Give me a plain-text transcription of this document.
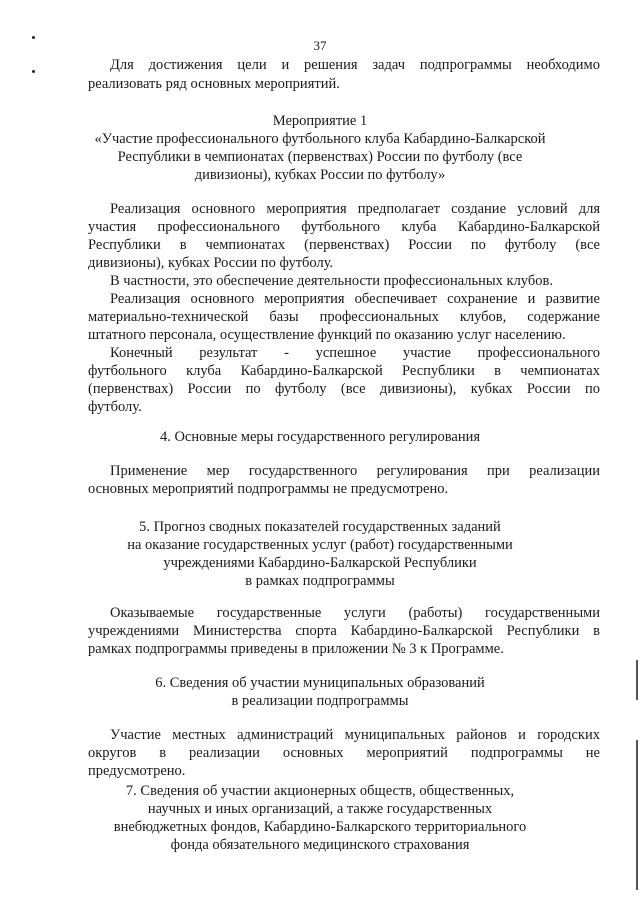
37
Для достижения цели и решения задач подпрограммы необходимо
реализовать ряд основных мероприятий.
Мероприятие 1
«Участие профессионального футбольного клуба Кабардино-Балкарской
Республики в чемпионатах (первенствах) России по футболу (все
дивизионы), кубках России по футболу»
Реализация основного мероприятия предполагает создание условий для
участия профессионального футбольного клуба Кабардино-Балкарской
Республики в чемпионатах (первенствах) России по футболу (все
дивизионы), кубках России по футболу.
В частности, это обеспечение деятельности профессиональных клубов.
Реализация основного мероприятия обеспечивает сохранение и развитие
материально-технической базы профессиональных клубов, содержание
штатного персонала, осуществление функций по оказанию услуг населению.
Конечный результат - успешное участие профессионального
футбольного клуба Кабардино-Балкарской Республики в чемпионатах
(первенствах) России по футболу (все дивизионы), кубках России по
футболу.
4. Основные меры государственного регулирования
Применение мер государственного регулирования при реализации
основных мероприятий подпрограммы не предусмотрено.
5. Прогноз сводных показателей государственных заданий
на оказание государственных услуг (работ) государственными
учреждениями Кабардино-Балкарской Республики
в рамках подпрограммы
Оказываемые государственные услуги (работы) государственными
учреждениями Министерства спорта Кабардино-Балкарской Республики в
рамках подпрограммы приведены в приложении № 3 к Программе.
6. Сведения об участии муниципальных образований
в реализации подпрограммы
Участие местных администраций муниципальных районов и городских
округов в реализации основных мероприятий подпрограммы не
предусмотрено.
7. Сведения об участии акционерных обществ, общественных,
научных и иных организаций, а также государственных
внебюджетных фондов, Кабардино-Балкарского территориального
фонда обязательного медицинского страхования
